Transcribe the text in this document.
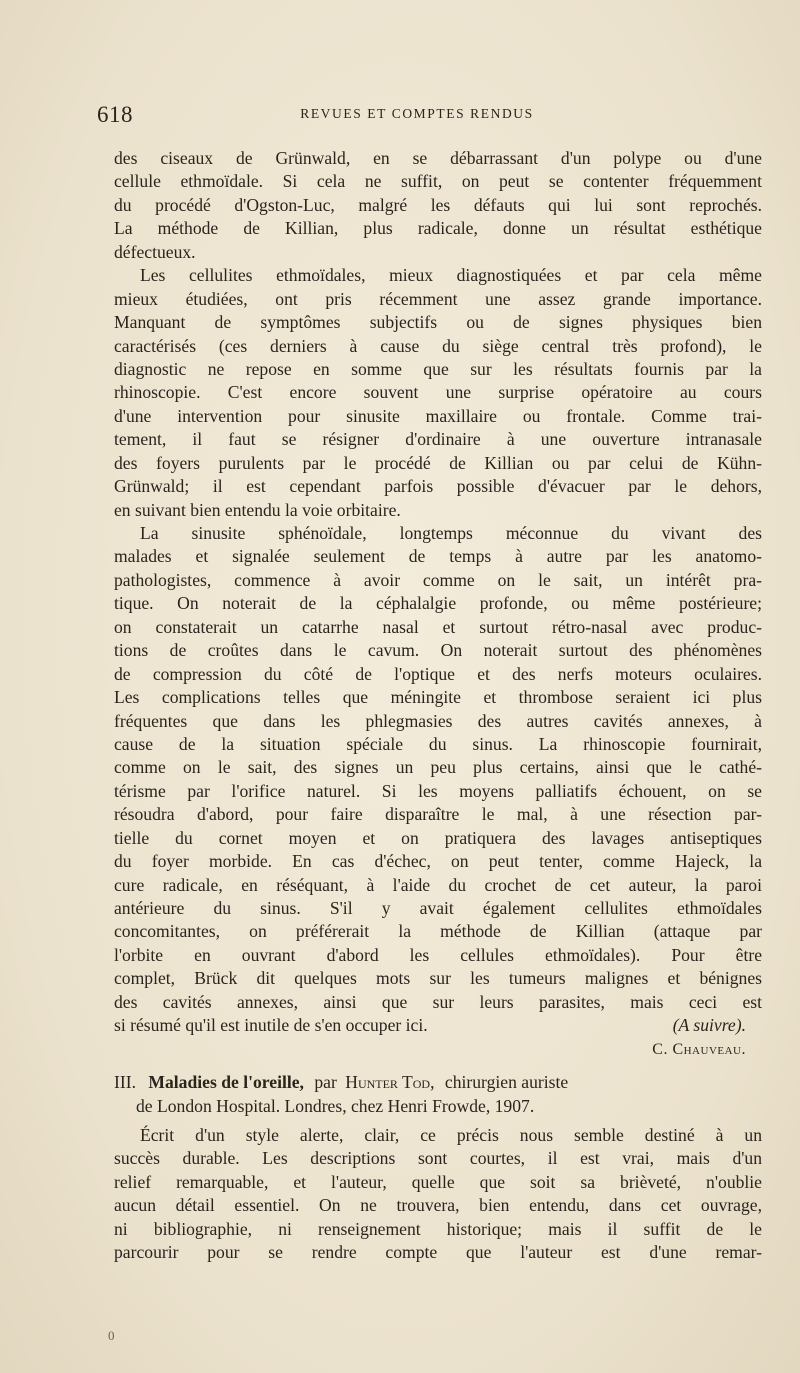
618	REVUES ET COMPTES RENDUS
des ciseaux de Grünwald, en se débarrassant d'un polype ou d'une
cellule ethmoïdale. Si cela ne suffit, on peut se contenter fréquemment
du procédé d'Ogston-Luc, malgré les défauts qui lui sont reprochés.
La méthode de Killian, plus radicale, donne un résultat esthétique
défectueux.
Les cellulites ethmoïdales, mieux diagnostiquées et par cela même
mieux étudiées, ont pris récemment une assez grande importance.
Manquant de symptômes subjectifs ou de signes physiques bien
caractérisés (ces derniers à cause du siège central très profond), le
diagnostic ne repose en somme que sur les résultats fournis par la
rhinoscopie. C'est encore souvent une surprise opératoire au cours
d'une intervention pour sinusite maxillaire ou frontale. Comme trai-
tement, il faut se résigner d'ordinaire à une ouverture intranasale
des foyers purulents par le procédé de Killian ou par celui de Kühn-
Grünwald; il est cependant parfois possible d'évacuer par le dehors,
en suivant bien entendu la voie orbitaire.
La sinusite sphénoïdale, longtemps méconnue du vivant des
malades et signalée seulement de temps à autre par les anatomo-
pathologistes, commence à avoir comme on le sait, un intérêt pra-
tique. On noterait de la céphalalgie profonde, ou même postérieure;
on constaterait un catarrhe nasal et surtout rétro-nasal avec produc-
tions de croûtes dans le cavum. On noterait surtout des phénomènes
de compression du côté de l'optique et des nerfs moteurs oculaires.
Les complications telles que méningite et thrombose seraient ici plus
fréquentes que dans les phlegmasies des autres cavités annexes, à
cause de la situation spéciale du sinus. La rhinoscopie fournirait,
comme on le sait, des signes un peu plus certains, ainsi que le cathé-
térisme par l'orifice naturel. Si les moyens palliatifs échouent, on se
résoudra d'abord, pour faire disparaître le mal, à une résection par-
tielle du cornet moyen et on pratiquera des lavages antiseptiques
du foyer morbide. En cas d'échec, on peut tenter, comme Hajeck, la
cure radicale, en réséquant, à l'aide du crochet de cet auteur, la paroi
antérieure du sinus. S'il y avait également cellulites ethmoïdales
concomitantes, on préférerait la méthode de Killian (attaque par
l'orbite en ouvrant d'abord les cellules ethmoïdales). Pour être
complet, Brück dit quelques mots sur les tumeurs malignes et bénignes
des cavités annexes, ainsi que sur leurs parasites, mais ceci est
si résumé qu'il est inutile de s'en occuper ici.	(A suivre).
C. Chauveau.
III. Maladies de l'oreille, par Hunter Tod, chirurgien auriste
de London Hospital. Londres, chez Henri Frowde, 1907.
Écrit d'un style alerte, clair, ce précis nous semble destiné à un
succès durable. Les descriptions sont courtes, il est vrai, mais d'un
relief remarquable, et l'auteur, quelle que soit sa brièveté, n'oublie
aucun détail essentiel. On ne trouvera, bien entendu, dans cet ouvrage,
ni bibliographie, ni renseignement historique; mais il suffit de le
parcourir pour se rendre compte que l'auteur est d'une remar-
0
